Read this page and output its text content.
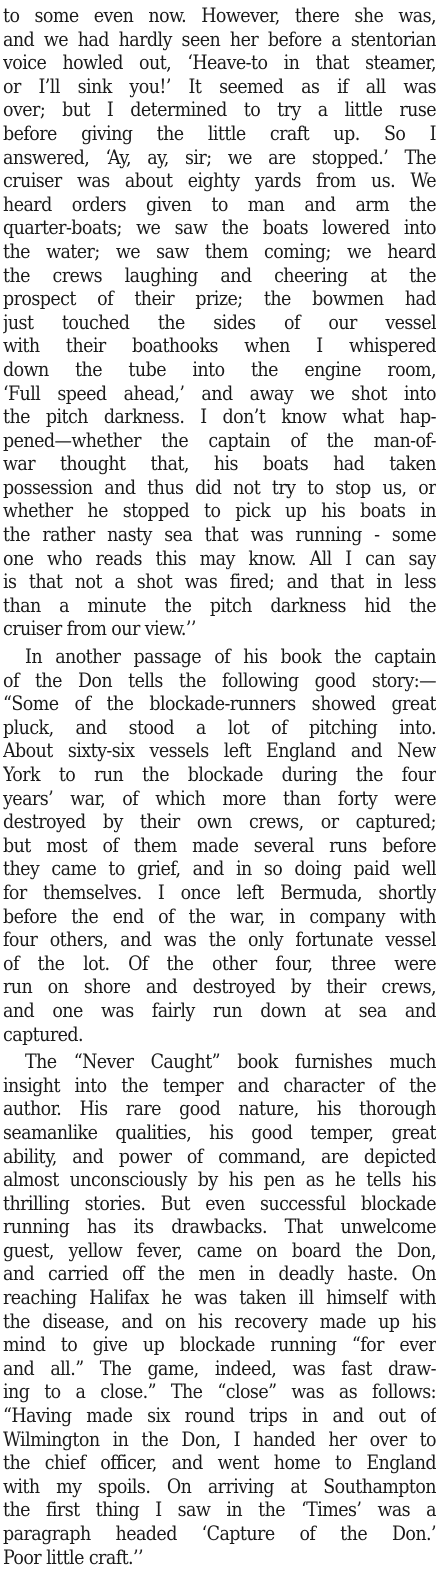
to some even now. However, there she was,
and we had hardly seen her before a stentorian
voice howled out, ‘Heave-to in that steamer,
or I’ll sink you!’ It seemed as if all was
over; but I determined to try a little ruse
before giving the little craft up. So I
answered, ‘Ay, ay, sir; we are stopped.’ The
cruiser was about eighty yards from us. We
heard orders given to man and arm the
quarter-boats; we saw the boats lowered into
the water; we saw them coming; we heard
the crews laughing and cheering at the
prospect of their prize; the bowmen had
just touched the sides of our vessel
with their boathooks when I whispered
down the tube into the engine room,
‘Full speed ahead,’ and away we shot into
the pitch darkness. I don’t know what hap-
pened—whether the captain of the man-of-
war thought that, his boats had taken
possession and thus did not try to stop us, or
whether he stopped to pick up his boats in
the rather nasty sea that was running - some
one who reads this may know. All I can say
is that not a shot was fired; and that in less
than a minute the pitch darkness hid the
cruiser from our view.’’
In another passage of his book the captain
of the Don tells the following good story:—
“Some of the blockade-runners showed great
pluck, and stood a lot of pitching into.
About sixty-six vessels left England and New
York to run the blockade during the four
years’ war, of which more than forty were
destroyed by their own crews, or captured;
but most of them made several runs before
they came to grief, and in so doing paid well
for themselves. I once left Bermuda, shortly
before the end of the war, in company with
four others, and was the only fortunate vessel
of the lot. Of the other four, three were
run on shore and destroyed by their crews,
and one was fairly run down at sea and
captured.
The “Never Caught” book furnishes much
insight into the temper and character of the
author. His rare good nature, his thorough
seamanlike qualities, his good temper, great
ability, and power of command, are depicted
almost unconsciously by his pen as he tells his
thrilling stories. But even successful blockade
running has its drawbacks. That unwelcome
guest, yellow fever, came on board the Don,
and carried off the men in deadly haste. On
reaching Halifax he was taken ill himself with
the disease, and on his recovery made up his
mind to give up blockade running “for ever
and all.” The game, indeed, was fast draw-
ing to a close.” The “close” was as follows:
“Having made six round trips in and out of
Wilmington in the Don, I handed her over to
the chief officer, and went home to England
with my spoils. On arriving at Southampton
the first thing I saw in the ‘Times’ was a
paragraph headed ‘Capture of the Don.’
Poor little craft.’’
